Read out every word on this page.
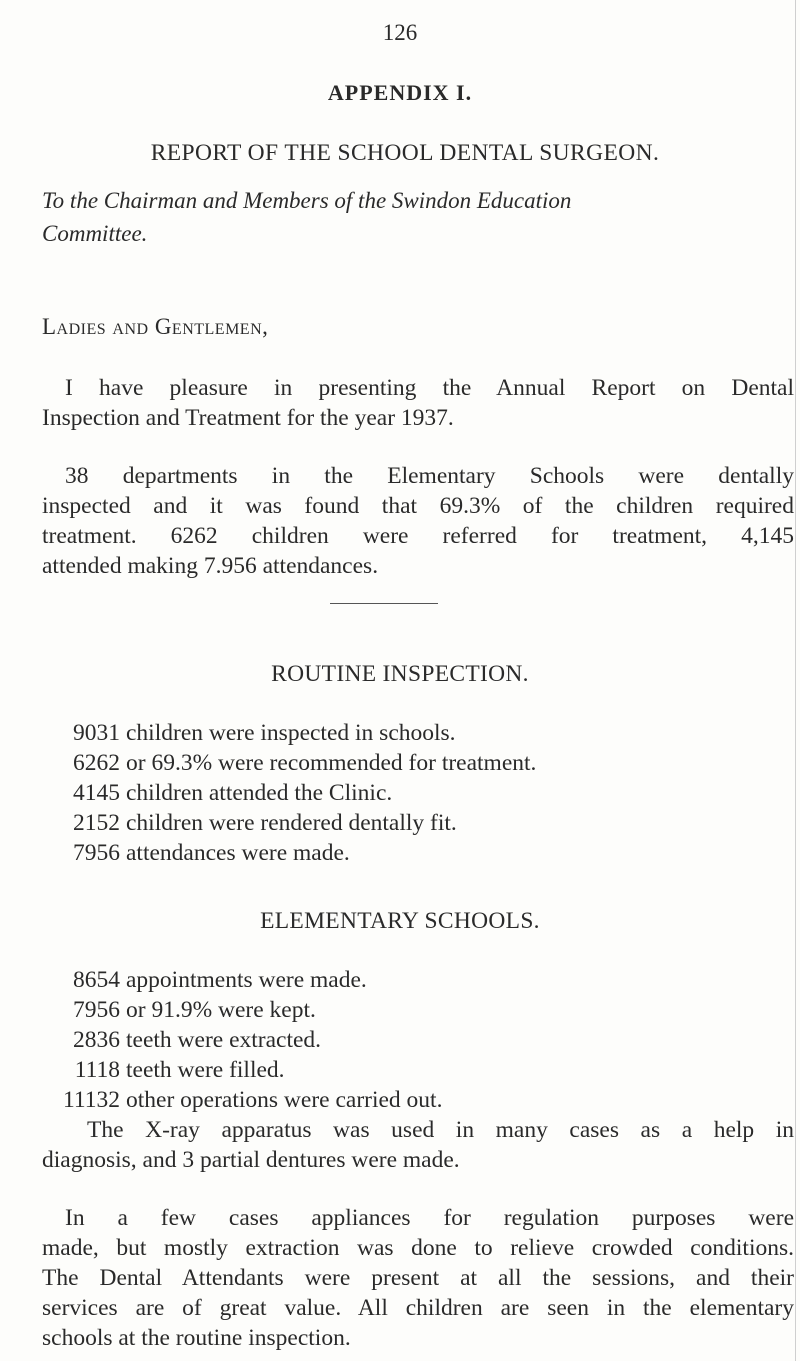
126

APPENDIX I.
REPORT OF THE SCHOOL DENTAL SURGEON.

To the Chairman and Members of the Swindon Education

Committee.

Ladies and Gentlemen,

I have pleasure in presenting the Annual Report on Dental
Inspection and Treatment for the year 1937.
38 departments in the Elementary Schools were dentally
inspected and it was found that 69.3% of the children required
treatment. 6262 children were referred for treatment, 4,145
attended making 7.956 attendances.
ROUTINE INSPECTION.
9031 children were inspected in schools.
6262 or 69.3% were recommended for treatment.
4145 children attended the Clinic.
2152 children were rendered dentally fit.
7956 attendances were made.
ELEMENTARY SCHOOLS.
8654 appointments were made.
7956 or 91.9% were kept.
2836 teeth were extracted.
1118 teeth were filled.
11132 other operations were carried out.
The X-ray apparatus was used in many cases as a help in
diagnosis, and 3 partial dentures were made.
In a few cases appliances for regulation purposes were
made, but mostly extraction was done to relieve crowded conditions.
The Dental Attendants were present at all the sessions, and their
services are of great value. All children are seen in the elementary
schools at the routine inspection.
